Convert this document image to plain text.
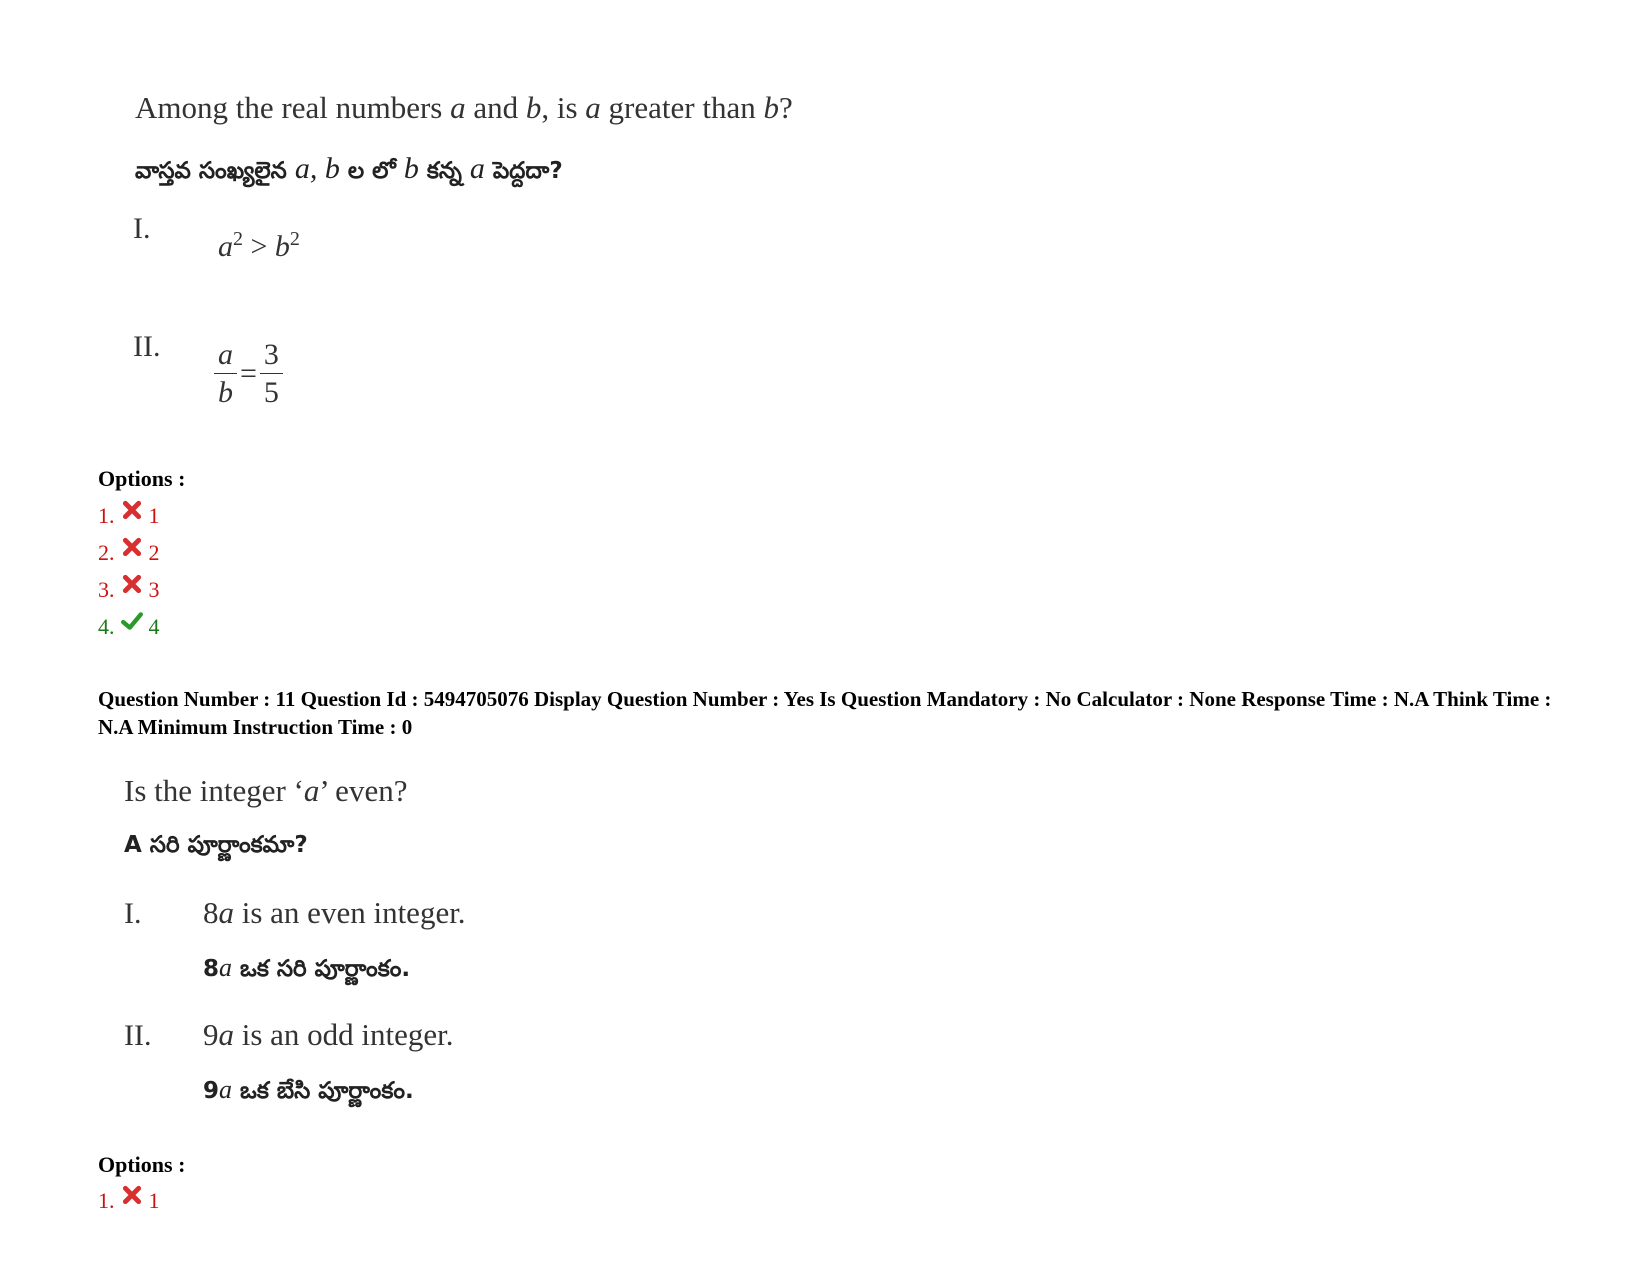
Among the real numbers a and b, is a greater than b?
వాస్తవ సంఖ్యలైన a, b ల లో b కన్న a పెద్దదా?
I.
$a^2 > b^2$
II. $\frac{a}{b} = \frac{3}{5}$
Options :
1. 1
2. 2
3. 3
4. 4
Question Number : 11 Question Id : 5494705076 Display Question Number : Yes Is Question Mandatory : No Calculator : None Response Time : N.A Think Time : N.A Minimum Instruction Time : 0
Is the integer ‘a’ even?
A సరి పూర్ణాంకమా?
I. 8a is an even integer.
8a ఒక సరి పూర్ణాంకం.
II. 9a is an odd integer.
9a ఒక బేసి పూర్ణాంకం.
Options :
1. 1
